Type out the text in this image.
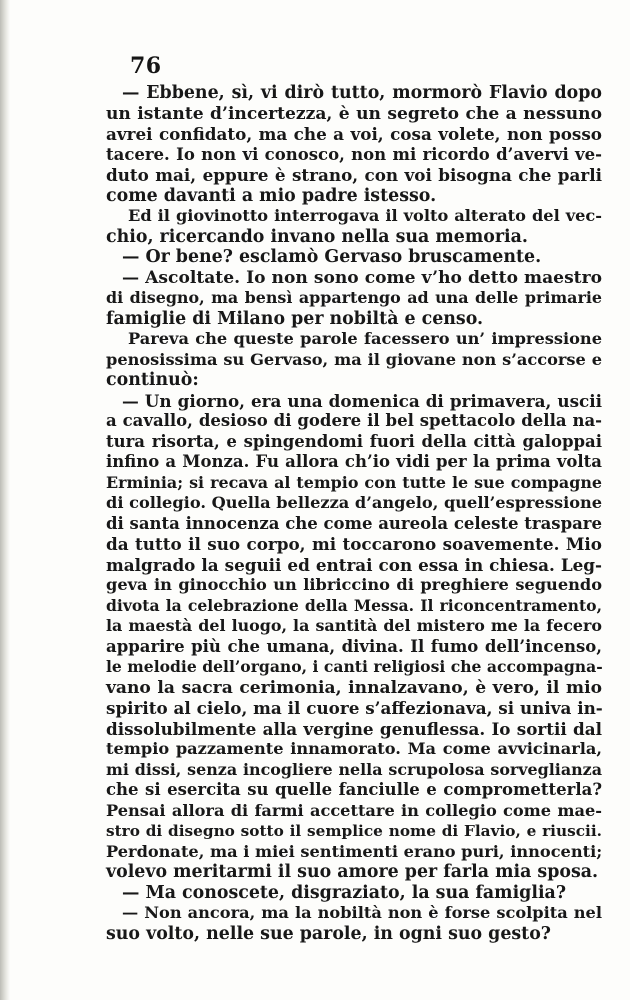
76
— Ebbene, sì, vi dirò tutto, mormorò Flavio dopo
un istante d’incertezza, è un segreto che a nessuno
avrei confidato, ma che a voi, cosa volete, non posso
tacere. Io non vi conosco, non mi ricordo d’avervi ve-
duto mai, eppure è strano, con voi bisogna che parli
come davanti a mio padre istesso.
Ed il giovinotto interrogava il volto alterato del vec-
chio, ricercando invano nella sua memoria.
— Or bene? esclamò Gervaso bruscamente.
— Ascoltate. Io non sono come v’ho detto maestro
di disegno, ma bensì appartengo ad una delle primarie
famiglie di Milano per nobiltà e censo.
Pareva che queste parole facessero un’ impressione
penosissima su Gervaso, ma il giovane non s’accorse e
continuò:
— Un giorno, era una domenica di primavera, uscii
a cavallo, desioso di godere il bel spettacolo della na-
tura risorta, e spingendomi fuori della città galoppai
infino a Monza. Fu allora ch’io vidi per la prima volta
Erminia; si recava al tempio con tutte le sue compagne
di collegio. Quella bellezza d’angelo, quell’espressione
di santa innocenza che come aureola celeste traspare
da tutto il suo corpo, mi toccarono soavemente. Mio
malgrado la seguii ed entrai con essa in chiesa. Leg-
geva in ginocchio un libriccino di preghiere seguendo
divota la celebrazione della Messa. Il riconcentramento,
la maestà del luogo, la santità del mistero me la fecero
apparire più che umana, divina. Il fumo dell’incenso,
le melodie dell’organo, i canti religiosi che accompagna-
vano la sacra cerimonia, innalzavano, è vero, il mio
spirito al cielo, ma il cuore s’affezionava, si univa in-
dissolubilmente alla vergine genuflessa. Io sortii dal
tempio pazzamente innamorato. Ma come avvicinarla,
mi dissi, senza incogliere nella scrupolosa sorveglianza
che si esercita su quelle fanciulle e comprometterla?
Pensai allora di farmi accettare in collegio come mae-
stro di disegno sotto il semplice nome di Flavio, e riuscii.
Perdonate, ma i miei sentimenti erano puri, innocenti;
volevo meritarmi il suo amore per farla mia sposa.
— Ma conoscete, disgraziato, la sua famiglia?
— Non ancora, ma la nobiltà non è forse scolpita nel
suo volto, nelle sue parole, in ogni suo gesto?
